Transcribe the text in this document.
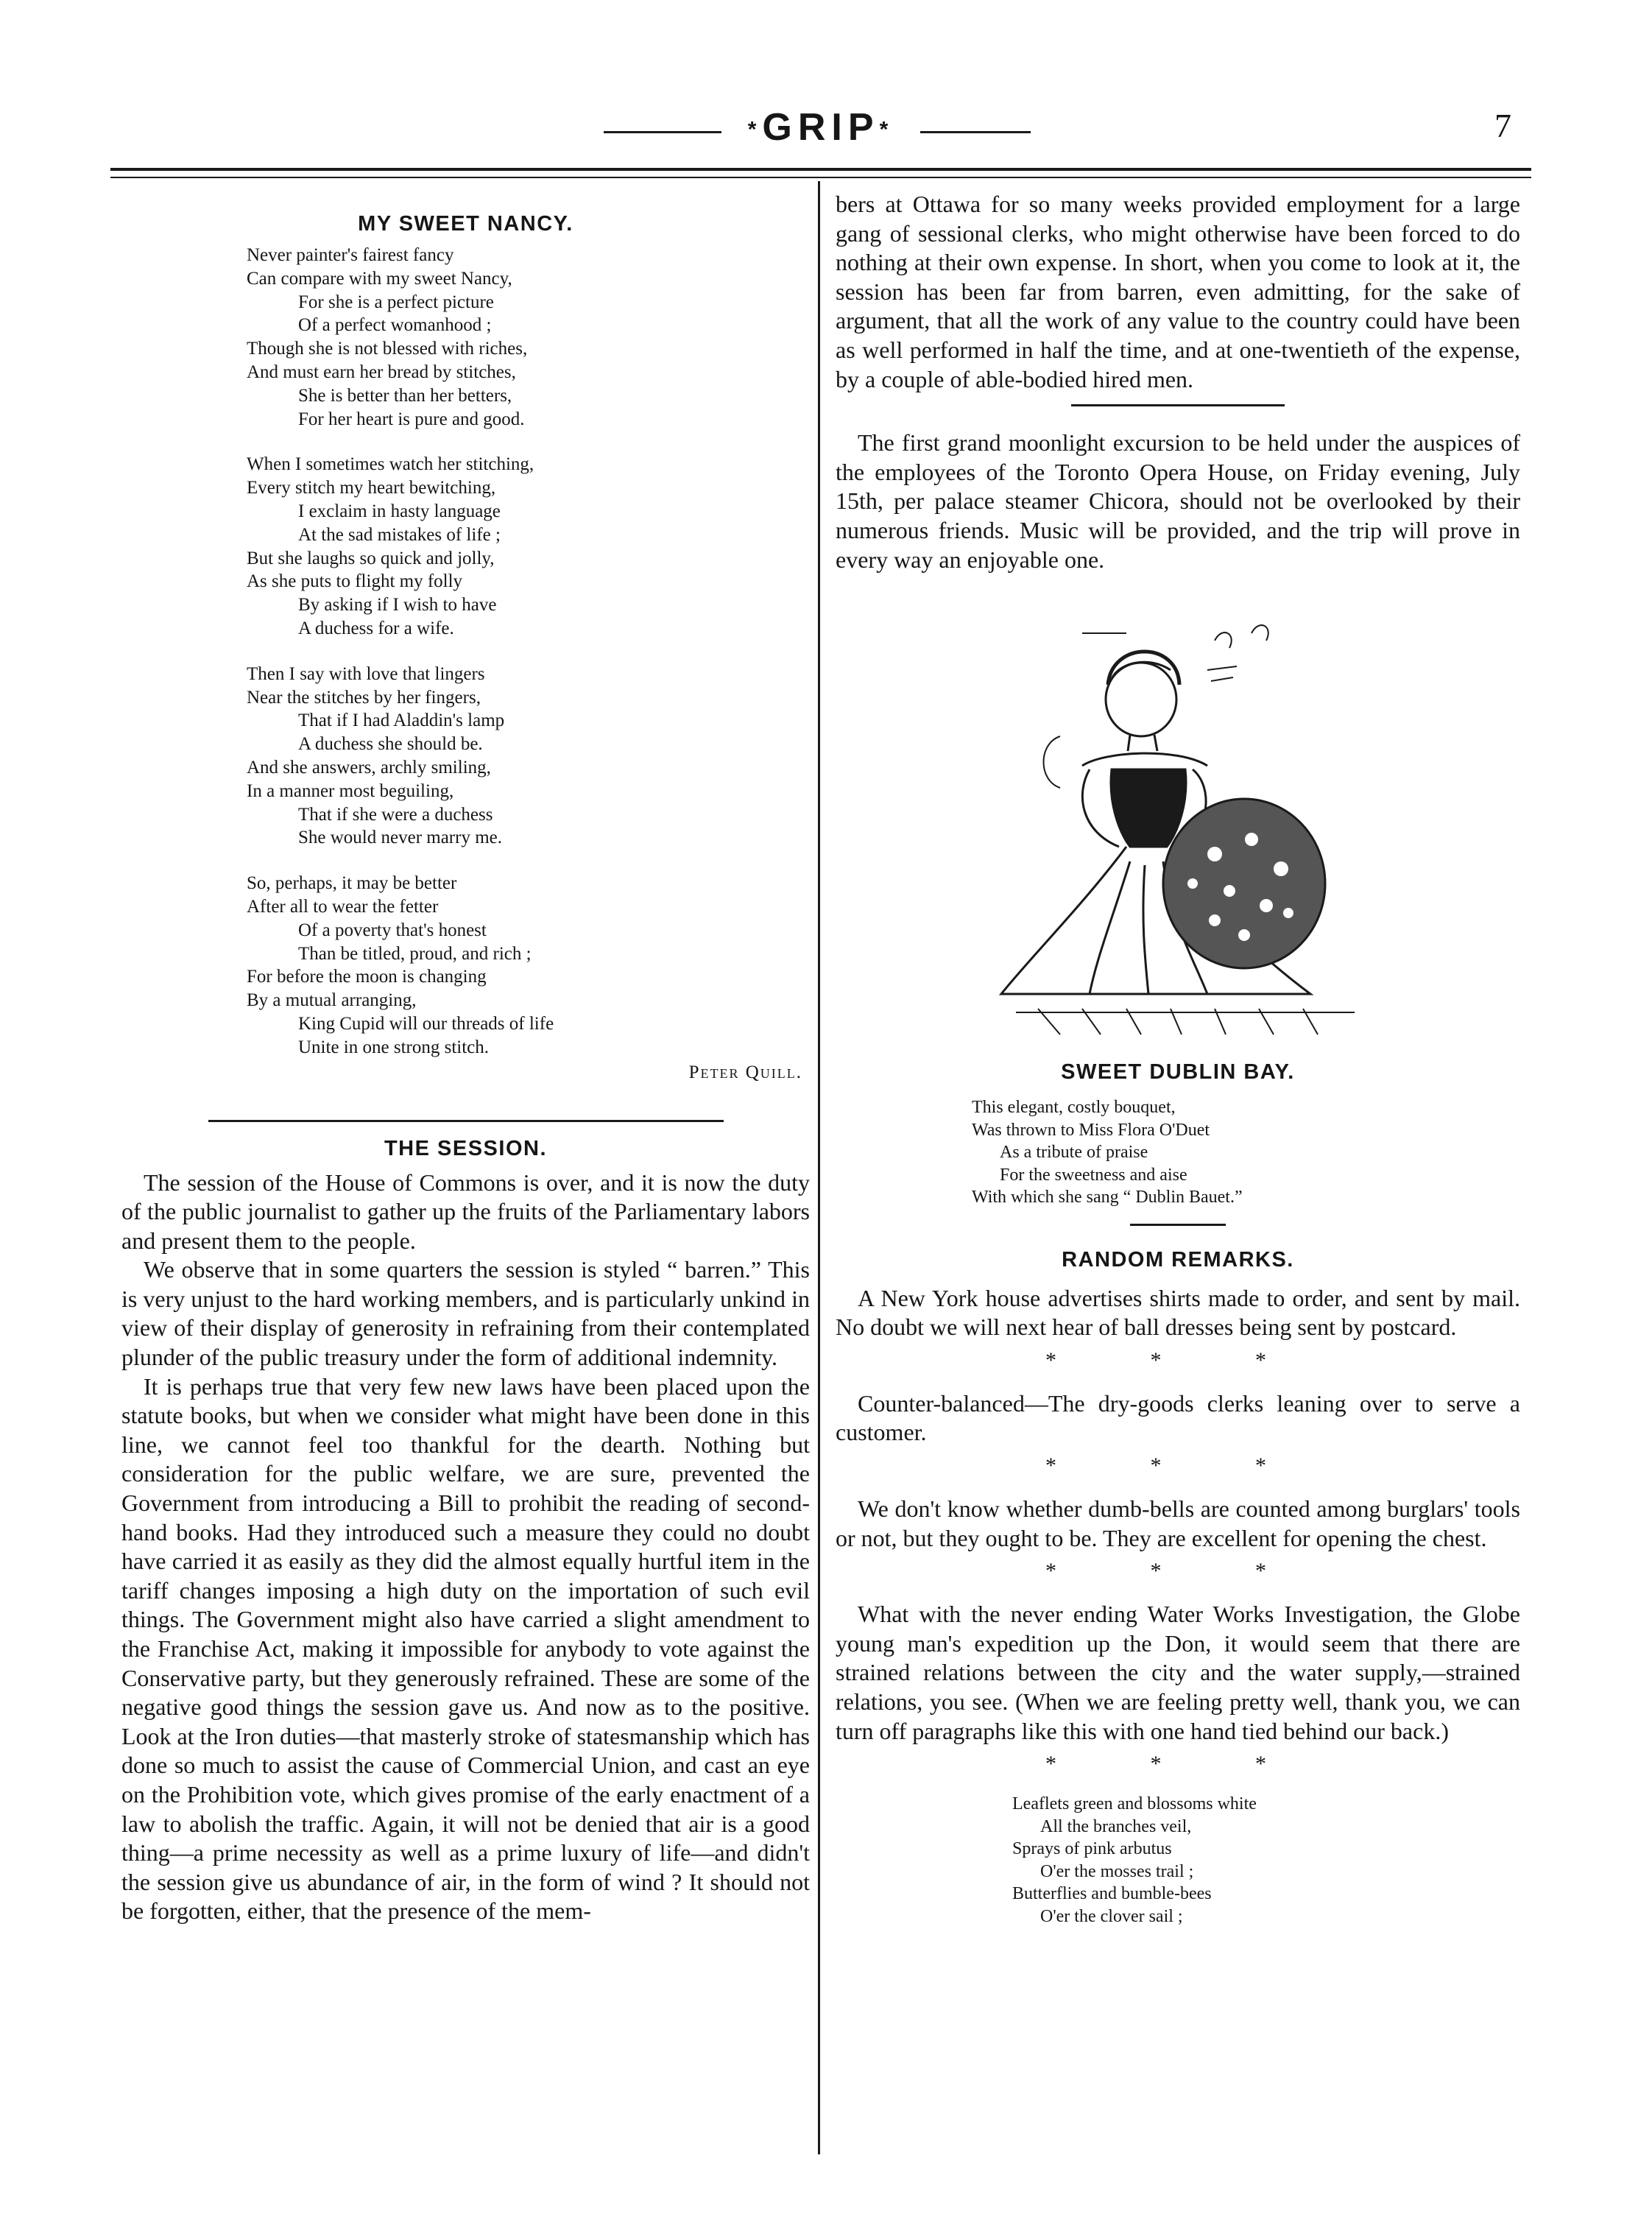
*GRIP*	7
MY SWEET NANCY.
Never painter's fairest fancy
Can compare with my sweet Nancy,
For she is a perfect picture
Of a perfect womanhood ;
Though she is not blessed with riches,
And must earn her bread by stitches,
She is better than her betters,
For her heart is pure and good.
When I sometimes watch her stitching,
Every stitch my heart bewitching,
I exclaim in hasty language
At the sad mistakes of life ;
But she laughs so quick and jolly,
As she puts to flight my folly
By asking if I wish to have
A duchess for a wife.
Then I say with love that lingers
Near the stitches by her fingers,
That if I had Aladdin's lamp
A duchess she should be.
And she answers, archly smiling,
In a manner most beguiling,
That if she were a duchess
She would never marry me.
So, perhaps, it may be better
After all to wear the fetter
Of a poverty that's honest
Than be titled, proud, and rich ;
For before the moon is changing
By a mutual arranging,
King Cupid will our threads of life
Unite in one strong stitch.
Peter Quill.
THE SESSION.

The session of the House of Commons is over, and it is now the duty of the public journalist to gather up the fruits of the Parliamentary labors and present them to the people.

We observe that in some quarters the session is styled “ barren.” This is very unjust to the hard working members, and is particularly unkind in view of their display of generosity in refraining from their contemplated plunder of the public treasury under the form of additional indemnity.

It is perhaps true that very few new laws have been placed upon the statute books, but when we consider what might have been done in this line, we cannot feel too thankful for the dearth. Nothing but consideration for the public welfare, we are sure, prevented the Government from introducing a Bill to prohibit the reading of second-hand books. Had they introduced such a measure they could no doubt have carried it as easily as they did the almost equally hurtful item in the tariff changes imposing a high duty on the importation of such evil things. The Government might also have carried a slight amendment to the Franchise Act, making it impossible for anybody to vote against the Conservative party, but they generously refrained. These are some of the negative good things the session gave us. And now as to the positive. Look at the Iron duties—that masterly stroke of statesmanship which has done so much to assist the cause of Commercial Union, and cast an eye on the Prohibition vote, which gives promise of the early enactment of a law to abolish the traffic. Again, it will not be denied that air is a good thing—a prime necessity as well as a prime luxury of life—and didn't the session give us abundance of air, in the form of wind ? It should not be forgotten, either, that the presence of the mem-

bers at Ottawa for so many weeks provided employment for a large gang of sessional clerks, who might otherwise have been forced to do nothing at their own expense. In short, when you come to look at it, the session has been far from barren, even admitting, for the sake of argument, that all the work of any value to the country could have been as well performed in half the time, and at one-twentieth of the expense, by a couple of able-bodied hired men.

The first grand moonlight excursion to be held under the auspices of the employees of the Toronto Opera House, on Friday evening, July 15th, per palace steamer Chicora, should not be overlooked by their numerous friends. Music will be provided, and the trip will prove in every way an enjoyable one.

SWEET DUBLIN BAY.
This elegant, costly bouquet,
Was thrown to Miss Flora O'Duet
As a tribute of praise
For the sweetness and aise
With which she sang “ Dublin Bauet.”
RANDOM REMARKS.

A New York house advertises shirts made to order, and sent by mail. No doubt we will next hear of ball dresses being sent by postcard.

* * *

Counter-balanced—The dry-goods clerks leaning over to serve a customer.

* * *

We don't know whether dumb-bells are counted among burglars' tools or not, but they ought to be. They are excellent for opening the chest.

* * *

What with the never ending Water Works Investigation, the Globe young man's expedition up the Don, it would seem that there are strained relations between the city and the water supply,—strained relations, you see. (When we are feeling pretty well, thank you, we can turn off paragraphs like this with one hand tied behind our back.)

* * *
Leaflets green and blossoms white
All the branches veil,
Sprays of pink arbutus
O'er the mosses trail ;
Butterflies and bumble-bees
O'er the clover sail ;
